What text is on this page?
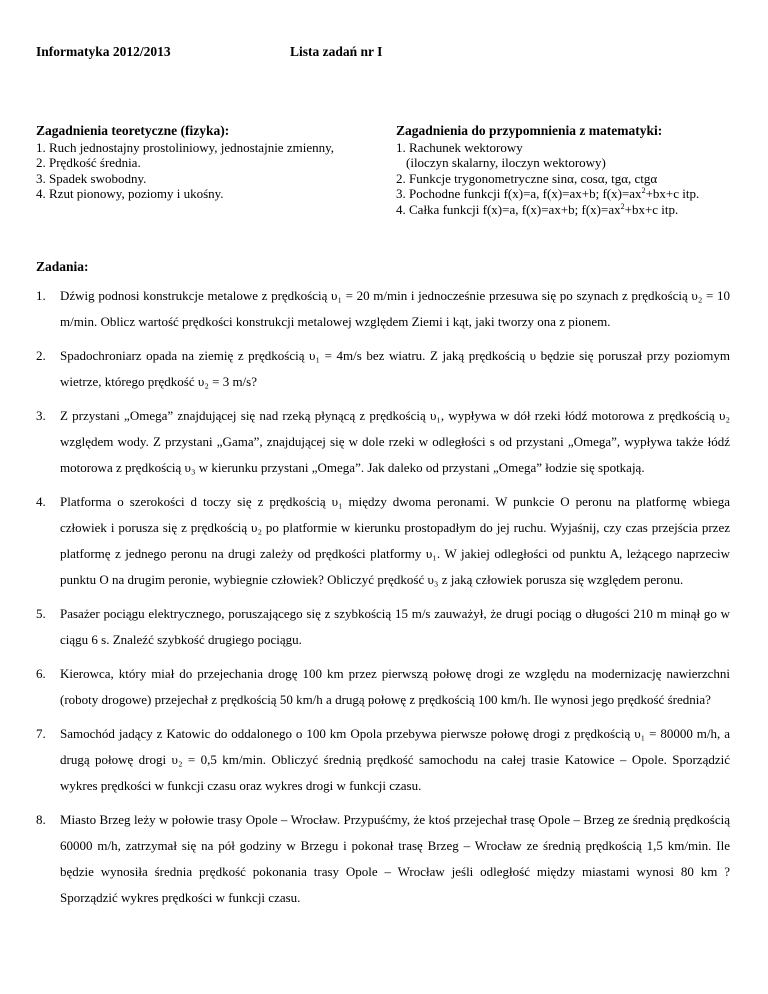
Informatyka 2012/2013	Lista zadań nr I
Zagadnienia teoretyczne (fizyka):
1. Ruch jednostajny prostoliniowy, jednostajnie zmienny,
2. Prędkość średnia.
3. Spadek swobodny.
4. Rzut pionowy, poziomy i ukośny.
Zagadnienia do przypomnienia z matematyki:
1. Rachunek wektorowy
(iloczyn skalarny, iloczyn wektorowy)
2. Funkcje trygonometryczne sinα, cosα, tgα, ctgα
3. Pochodne funkcji f(x)=a, f(x)=ax+b; $f(x)=ax^2+bx+c$ itp.
4. Całka funkcji f(x)=a, f(x)=ax+b; $f(x)=ax^2+bx+c$ itp.
Zadania:
1.	Dźwig podnosi konstrukcje metalowe z prędkością υ₁ = 20 m/min i jednocześnie przesuwa się po szynach z prędkością υ₂ = 10 m/min. Oblicz wartość prędkości konstrukcji metalowej względem Ziemi i kąt, jaki tworzy ona z pionem.
2.	Spadochroniarz opada na ziemię z prędkością υ₁ = 4m/s bez wiatru. Z jaką prędkością υ będzie się poruszał przy poziomym wietrze, którego prędkość υ₂ = 3 m/s?
3.	Z przystani „Omega” znajdującej się nad rzeką płynącą z prędkością υ₁, wypływa w dół rzeki łódź motorowa z prędkością υ₂ względem wody. Z przystani „Gama”, znajdującej się w dole rzeki w odległości s od przystani „Omega”, wypływa także łódź motorowa z prędkością υ₃ w kierunku przystani „Omega”. Jak daleko od przystani „Omega” łodzie się spotkają.
4.	Platforma o szerokości d toczy się z prędkością υ₁ między dwoma peronami. W punkcie O peronu na platformę wbiega człowiek i porusza się z prędkością υ₂ po platformie w kierunku prostopadłym do jej ruchu. Wyjaśnij, czy czas przejścia przez platformę z jednego peronu na drugi zależy od prędkości platformy υ₁. W jakiej odległości od punktu A, leżącego naprzeciw punktu O na drugim peronie, wybiegnie człowiek? Obliczyć prędkość υ₃ z jaką człowiek porusza się względem peronu.
5.	Pasażer pociągu elektrycznego, poruszającego się z szybkością 15 m/s zauważył, że drugi pociąg o długości 210 m minął go w ciągu 6 s. Znaleźć szybkość drugiego pociągu.
6.	Kierowca, który miał do przejechania drogę 100 km przez pierwszą połowę drogi ze względu na modernizację nawierzchni (roboty drogowe) przejechał z prędkością 50 km/h a drugą połowę z prędkością 100 km/h. Ile wynosi jego prędkość średnia?
7.	Samochód jadący z Katowic do oddalonego o 100 km Opola przebywa pierwsze połowę drogi z prędkością υ₁ = 80000 m/h, a drugą połowę drogi υ₂ = 0,5 km/min. Obliczyć średnią prędkość samochodu na całej trasie Katowice – Opole. Sporządzić wykres prędkości w funkcji czasu oraz wykres drogi w funkcji czasu.
8.	Miasto Brzeg leży w połowie trasy Opole – Wrocław. Przypuśćmy, że ktoś przejechał trasę Opole – Brzeg ze średnią prędkością 60000 m/h, zatrzymał się na pół godziny w Brzegu i pokonał trasę Brzeg – Wrocław ze średnią prędkością 1,5 km/min. Ile będzie wynosiła średnia prędkość pokonania trasy Opole – Wrocław jeśli odległość między miastami wynosi 80 km ? Sporządzić wykres prędkości w funkcji czasu.
